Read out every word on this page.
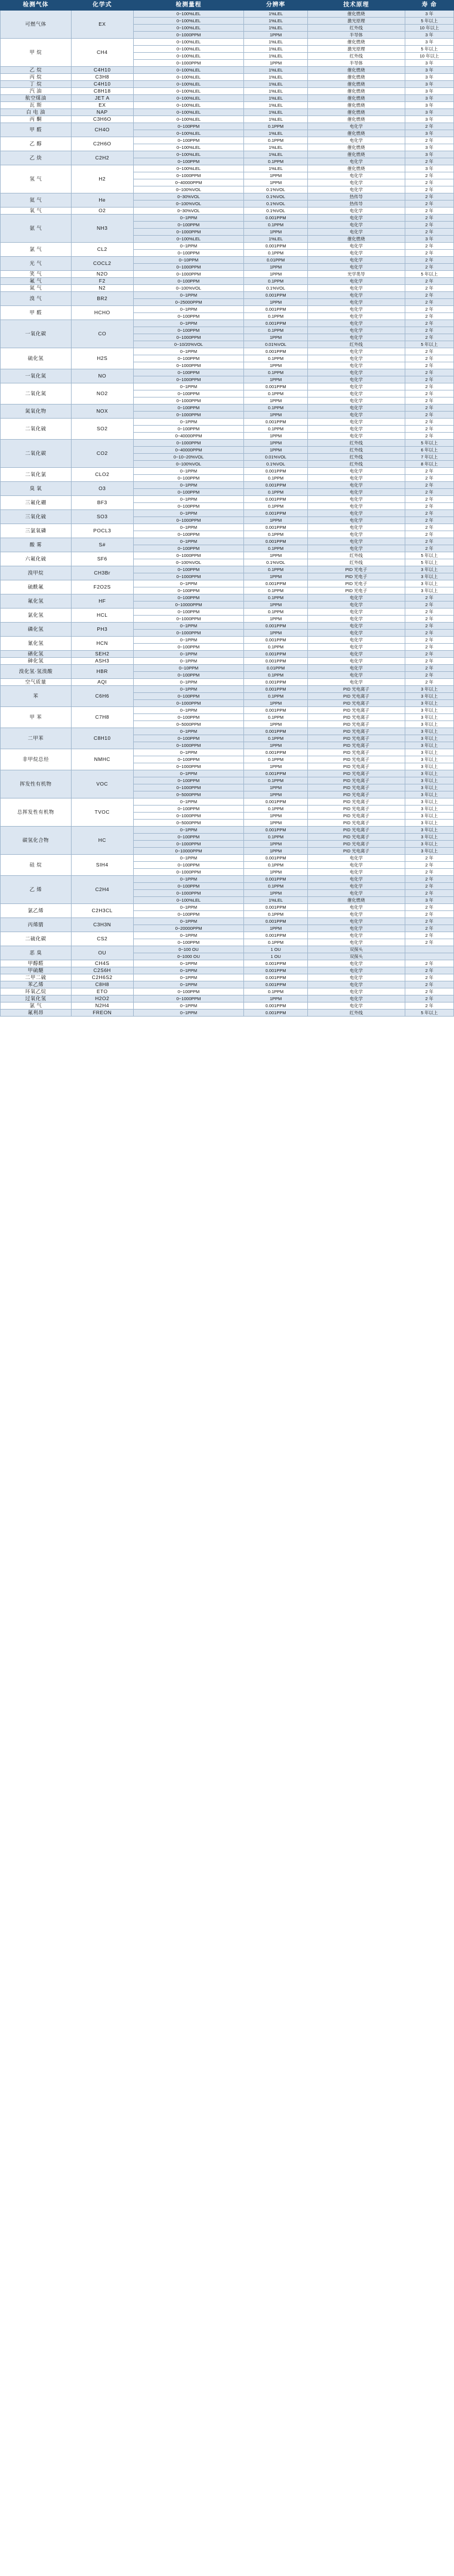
检测气体	化学式	检测量程	分辨率	技术原理	寿 命
可燃气体	EX	0~100%LEL	1%LEL	催化燃烧	3 年
		0~100%LEL	1%LEL	激光原理	5 年以上
		0~100%LEL	1%LEL	红外线	10 年以上
		0~1000PPM	1PPM	半导体	3 年
甲 烷	CH4	0~100%LEL	1%LEL	催化燃烧	3 年
		0~100%LEL	1%LEL	激光原理	5 年以上
		0~100%LEL	1%LEL	红外线	10 年以上
		0~1000PPM	1PPM	半导体	3 年
乙 烷	C4H10	0~100%LEL	1%LEL	催化燃烧	3 年
丙 烷	C3H8	0~100%LEL	1%LEL	催化燃烧	3 年
丁 烷	C4H10	0~100%LEL	1%LEL	催化燃烧	3 年
汽 油	C8H18	0~100%LEL	1%LEL	催化燃烧	3 年
航空煤油	JET A	0~100%LEL	1%LEL	催化燃烧	3 年
瓦 斯	EX	0~100%LEL	1%LEL	催化燃烧	3 年
白 电 油	NAP	0~100%LEL	1%LEL	催化燃烧	3 年
丙 酮	C3H6O	0~100%LEL	1%LEL	催化燃烧	3 年
甲 醛	CH4O	0~100PPM	0.1PPM	电化学	2 年
		0~100%LEL	1%LEL	催化燃烧	3 年
乙 醇	C2H6O	0~100PPM	0.1PPM	电化学	2 年
		0~100%LEL	1%LEL	催化燃烧	3 年
乙 炔	C2H2	0~100%LEL	1%LEL	催化燃烧	3 年
		0~100PPM	0.1PPM	电化学	2 年
氢 气	H2	0~100%LEL	1%LEL	催化燃烧	3 年
		0~1000PPM	1PPM	电化学	2 年
		0~40000PPM	1PPM	电化学	2 年
		0~100%VOL	0.1%VOL	电化学	2 年
氦 气	He	0~30%VOL	0.1%VOL	热传导	2 年
		0~100%VOL	0.1%VOL	热传导	2 年
氧 气	O2	0~30%VOL	0.1%VOL	电化学	2 年
氨 气	NH3	0~1PPM	0.001PPM	电化学	2 年
		0~100PPM	0.1PPM	电化学	2 年
		0~1000PPM	1PPM	电化学	2 年
		0~100%LEL	1%LEL	催化燃烧	3 年
氯 气	CL2	0~1PPM	0.001PPM	电化学	2 年
		0~100PPM	0.1PPM	电化学	2 年
光 气	COCL2	0~10PPM	0.01PPM	电化学	2 年
		0~1000PPM	1PPM	电化学	2 年
笑 气	N2O	0~1000PPM	1PPM	光学类导	5 年以上
氟 气	F2	0~100PPM	0.1PPM	电化学	2 年
氮 气	N2	0~100%VOL	0.1%VOL	电化学	2 年
溴 气	BR2	0~1PPM	0.001PPM	电化学	2 年
		0~25000PPM	1PPM	电化学	2 年
甲 醛	HCHO	0~1PPM	0.001PPM	电化学	2 年
		0~100PPM	0.1PPM	电化学	2 年
一氧化碳	CO	0~1PPM	0.001PPM	电化学	2 年
		0~100PPM	0.1PPM	电化学	2 年
		0~1000PPM	1PPM	电化学	2 年
		0~10/20%VOL	0.01%VOL	红外线	5 年以上
硫化氢	H2S	0~1PPM	0.001PPM	电化学	2 年
		0~100PPM	0.1PPM	电化学	2 年
		0~1000PPM	1PPM	电化学	2 年
一氧化氮	NO	0~100PPM	0.1PPM	电化学	2 年
		0~1000PPM	1PPM	电化学	2 年
二氧化氮	NO2	0~1PPM	0.001PPM	电化学	2 年
		0~100PPM	0.1PPM	电化学	2 年
		0~1000PPM	1PPM	电化学	2 年
氮氧化物	NOX	0~100PPM	0.1PPM	电化学	2 年
		0~1000PPM	1PPM	电化学	2 年
二氧化硫	SO2	0~1PPM	0.001PPM	电化学	2 年
		0~100PPM	0.1PPM	电化学	2 年
		0~40000PPM	1PPM	电化学	2 年
二氧化碳	CO2	0~1000PPM	1PPM	红外线	5 年以上
		0~40000PPM	1PPM	红外线	6 年以上
		0~10~20%VOL	0.01%VOL	红外线	7 年以上
		0~100%VOL	0.1%VOL	红外线	8 年以上
二氧化氯	CLO2	0~1PPM	0.001PPM	电化学	2 年
		0~100PPM	0.1PPM	电化学	2 年
臭 氧	O3	0~1PPM	0.001PPM	电化学	2 年
		0~100PPM	0.1PPM	电化学	2 年
三氟化硼	BF3	0~1PPM	0.001PPM	电化学	2 年
		0~100PPM	0.1PPM	电化学	2 年
三氧化硫	SO3	0~1PPM	0.001PPM	电化学	2 年
		0~1000PPM	1PPM	电化学	2 年
三氯氧磷	POCL3	0~1PPM	0.001PPM	电化学	2 年
		0~100PPM	0.1PPM	电化学	2 年
酸 雾	S#	0~1PPM	0.001PPM	电化学	2 年
		0~100PPM	0.1PPM	电化学	2 年
六氟化硫	SF6	0~1000PPM	1PPM	红外线	5 年以上
		0~100%VOL	0.1%VOL	红外线	5 年以上
溴甲烷	CH3Br	0~100PPM	0.1PPM	PID 光电子	3 年以上
		0~1000PPM	1PPM	PID 光电子	3 年以上
硫酰氟	F2O2S	0~1PPM	0.001PPM	PID 光电子	3 年以上
		0~100PPM	0.1PPM	PID 光电子	3 年以上
氟化氢	HF	0~100PPM	0.1PPM	电化学	2 年
		0~10000PPM	1PPM	电化学	2 年
氯化氢	HCL	0~100PPM	0.1PPM	电化学	2 年
		0~1000PPM	1PPM	电化学	2 年
磷化氢	PH3	0~1PPM	0.001PPM	电化学	2 年
		0~1000PPM	1PPM	电化学	2 年
氰化氢	HCN	0~1PPM	0.001PPM	电化学	2 年
		0~100PPM	0.1PPM	电化学	2 年
硒化氢	SEH2	0~1PPM	0.001PPM	电化学	2 年
砷化氢	ASH3	0~1PPM	0.001PPM	电化学	2 年
溴化氢·氢溴酸	HBR	0~10PPM	0.01PPM	电化学	2 年
		0~100PPM	0.1PPM	电化学	2 年
空气质量	AQI	0~1PPM	0.001PPM	电化学	2 年
苯	C6H6	0~1PPM	0.001PPM	PID 光电离子	3 年以上
		0~100PPM	0.1PPM	PID 光电离子	3 年以上
		0~1000PPM	1PPM	PID 光电离子	3 年以上
甲 苯	C7H8	0~1PPM	0.001PPM	PID 光电离子	3 年以上
		0~100PPM	0.1PPM	PID 光电离子	3 年以上
		0~5000PPM	1PPM	PID 光电离子	3 年以上
二甲苯	C8H10	0~1PPM	0.001PPM	PID 光电离子	3 年以上
		0~100PPM	0.1PPM	PID 光电离子	3 年以上
		0~1000PPM	1PPM	PID 光电离子	3 年以上
非甲烷总烃	NMHC	0~1PPM	0.001PPM	PID 光电离子	3 年以上
		0~100PPM	0.1PPM	PID 光电离子	3 年以上
		0~1000PPM	1PPM	PID 光电离子	3 年以上
挥发性有机物	VOC	0~1PPM	0.001PPM	PID 光电离子	3 年以上
		0~100PPM	0.1PPM	PID 光电离子	3 年以上
		0~1000PPM	1PPM	PID 光电离子	3 年以上
		0~5000PPM	1PPM	PID 光电离子	3 年以上
总挥发性有机物	TVOC	0~1PPM	0.001PPM	PID 光电离子	3 年以上
		0~100PPM	0.1PPM	PID 光电离子	3 年以上
		0~1000PPM	1PPM	PID 光电离子	3 年以上
		0~5000PPM	1PPM	PID 光电离子	3 年以上
碳氢化合物	HC	0~1PPM	0.001PPM	PID 光电离子	3 年以上
		0~100PPM	0.1PPM	PID 光电离子	3 年以上
		0~1000PPM	1PPM	PID 光电离子	3 年以上
		0~10000PPM	1PPM	PID 光电离子	3 年以上
硅 烷	SIH4	0~1PPM	0.001PPM	电化学	2 年
		0~100PPM	0.1PPM	电化学	2 年
		0~1000PPM	1PPM	电化学	2 年
乙 烯	C2H4	0~1PPM	0.001PPM	电化学	2 年
		0~100PPM	0.1PPM	电化学	2 年
		0~1000PPM	1PPM	电化学	2 年
		0~100%LEL	1%LEL	催化燃烧	3 年
氯乙烯	C2H3CL	0~1PPM	0.001PPM	电化学	2 年
		0~100PPM	0.1PPM	电化学	2 年
丙烯腈	C3H3N	0~1PPM	0.001PPM	电化学	2 年
		0~20000PPM	1PPM	电化学	2 年
二硫化碳	CS2	0~1PPM	0.001PPM	电化学	2 年
		0~100PPM	0.1PPM	电化学	2 年
恶 臭	OU	0~100 OU	1 OU	双探头	
		0~1000 OU	1 OU	双探头	
甲醇醛	CH4S	0~1PPM	0.001PPM	电化学	2 年
甲硫醚	C2S6H	0~1PPM	0.001PPM	电化学	2 年
二甲二硫	C2H6S2	0~1PPM	0.001PPM	电化学	2 年
苯乙烯	C8H8	0~1PPM	0.001PPM	电化学	2 年
环氧乙烷	ETO	0~100PPM	0.1PPM	电化学	2 年
过氧化氢	H2O2	0~1000PPM	1PPM	电化学	2 年
氯 气	N2H4	0~1PPM	0.001PPM	电化学	2 年
氟利昂	FREON	0~1PPM	0.001PPM	红外线	5 年以上
